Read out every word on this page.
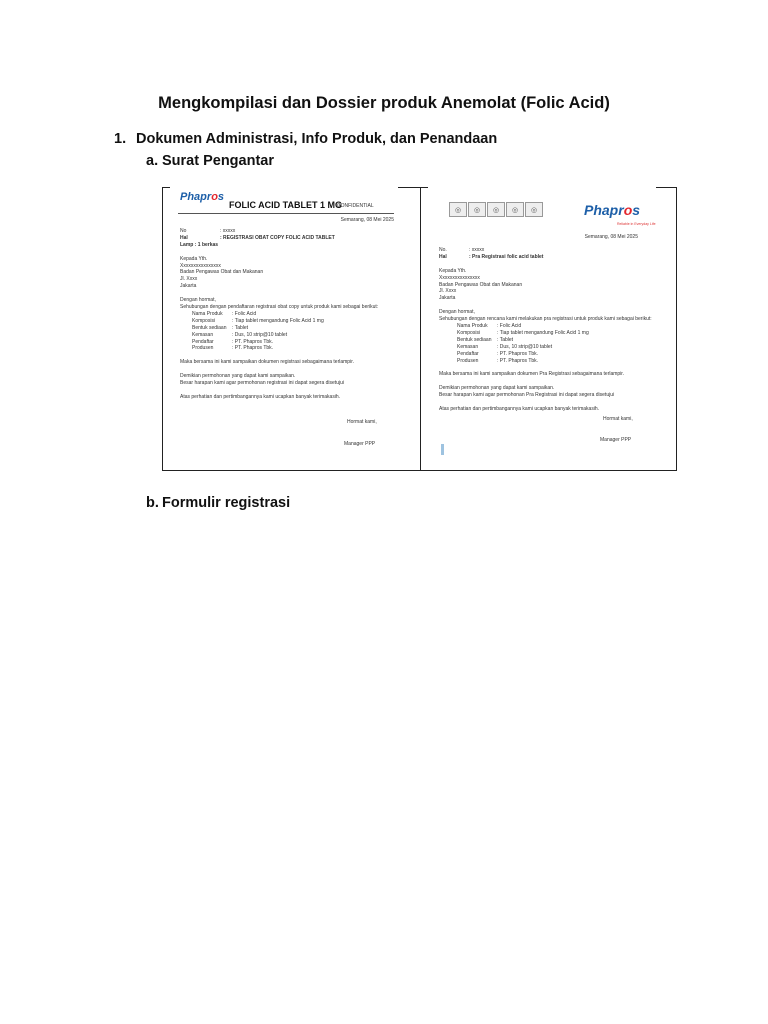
Mengkompilasi dan Dossier produk Anemolat (Folic Acid)
1. Dokumen Administrasi, Info Produk, dan Penandaan
a. Surat Pengantar
Phapros
FOLIC ACID TABLET 1 MG
CONFIDENTIAL
Semarang, 08 Mei 2025
No	: xxxxx
Hal	: REGISTRASI OBAT COPY FOLIC ACID TABLET
Lamp : 1 berkas

Kepada Yth.
Xxxxxxxxxxxxxxxx
Badan Pengawas Obat dan Makanan
Jl. Xxxx
Jakarta

Dengan hormat,
Sehubungan dengan pendaftaran registrasi obat copy untuk produk kami sebagai berikut:
Nama Produk : Folic Acid
Komposisi	: Tiap tablet mengandung Folic Acid 1 mg
Bentuk sediaan : Tablet
Kemasan	: Dus, 10 strip@10 tablet
Pendaftar	: PT. Phapros Tbk.
Produsen	: PT. Phapros Tbk.

Maka bersama ini kami sampaikan dokumen registrasi sebagaimana terlampir.

Demikian permohonan yang dapat kami sampaikan.
Besar harapan kami agar permohonan registrasi ini dapat segera disetujui

Atas perhatian dan pertimbangannya kami ucapkan banyak terimakasih.
Hormat kami,
Manager PPP
◎	◎	◎	◎	◎	Phapros
Reliable in Everyday Life
Semarang, 08 Mei 2025
No.	: xxxxx
Hal	: Pra Registrasi folic acid tablet

Kepada Yth.
Xxxxxxxxxxxxxxxx
Badan Pengawas Obat dan Makanan
Jl. Xxxx
Jakarta

Dengan hormat,
Sehubungan dengan rencana kami melakukan pra registrasi untuk produk kami sebagai berikut:
Nama Produk : Folic Acid
Komposisi	: Tiap tablet mengandung Folic Acid 1 mg
Bentuk sediaan : Tablet
Kemasan	: Dus, 10 strip@10 tablet
Pendaftar	: PT. Phapros Tbk.
Produsen	: PT. Phapros Tbk.

Maka bersama ini kami sampaikan dokumen Pra Registrasi sebagaimana terlampir.

Demikian permohonan yang dapat kami sampaikan.
Besar harapan kami agar permohonan Pra Registrasi ini dapat segera disetujui

Atas perhatian dan pertimbangannya kami ucapkan banyak terimakasih.
Hormat kami,
Manager PPP
b. Formulir registrasi
